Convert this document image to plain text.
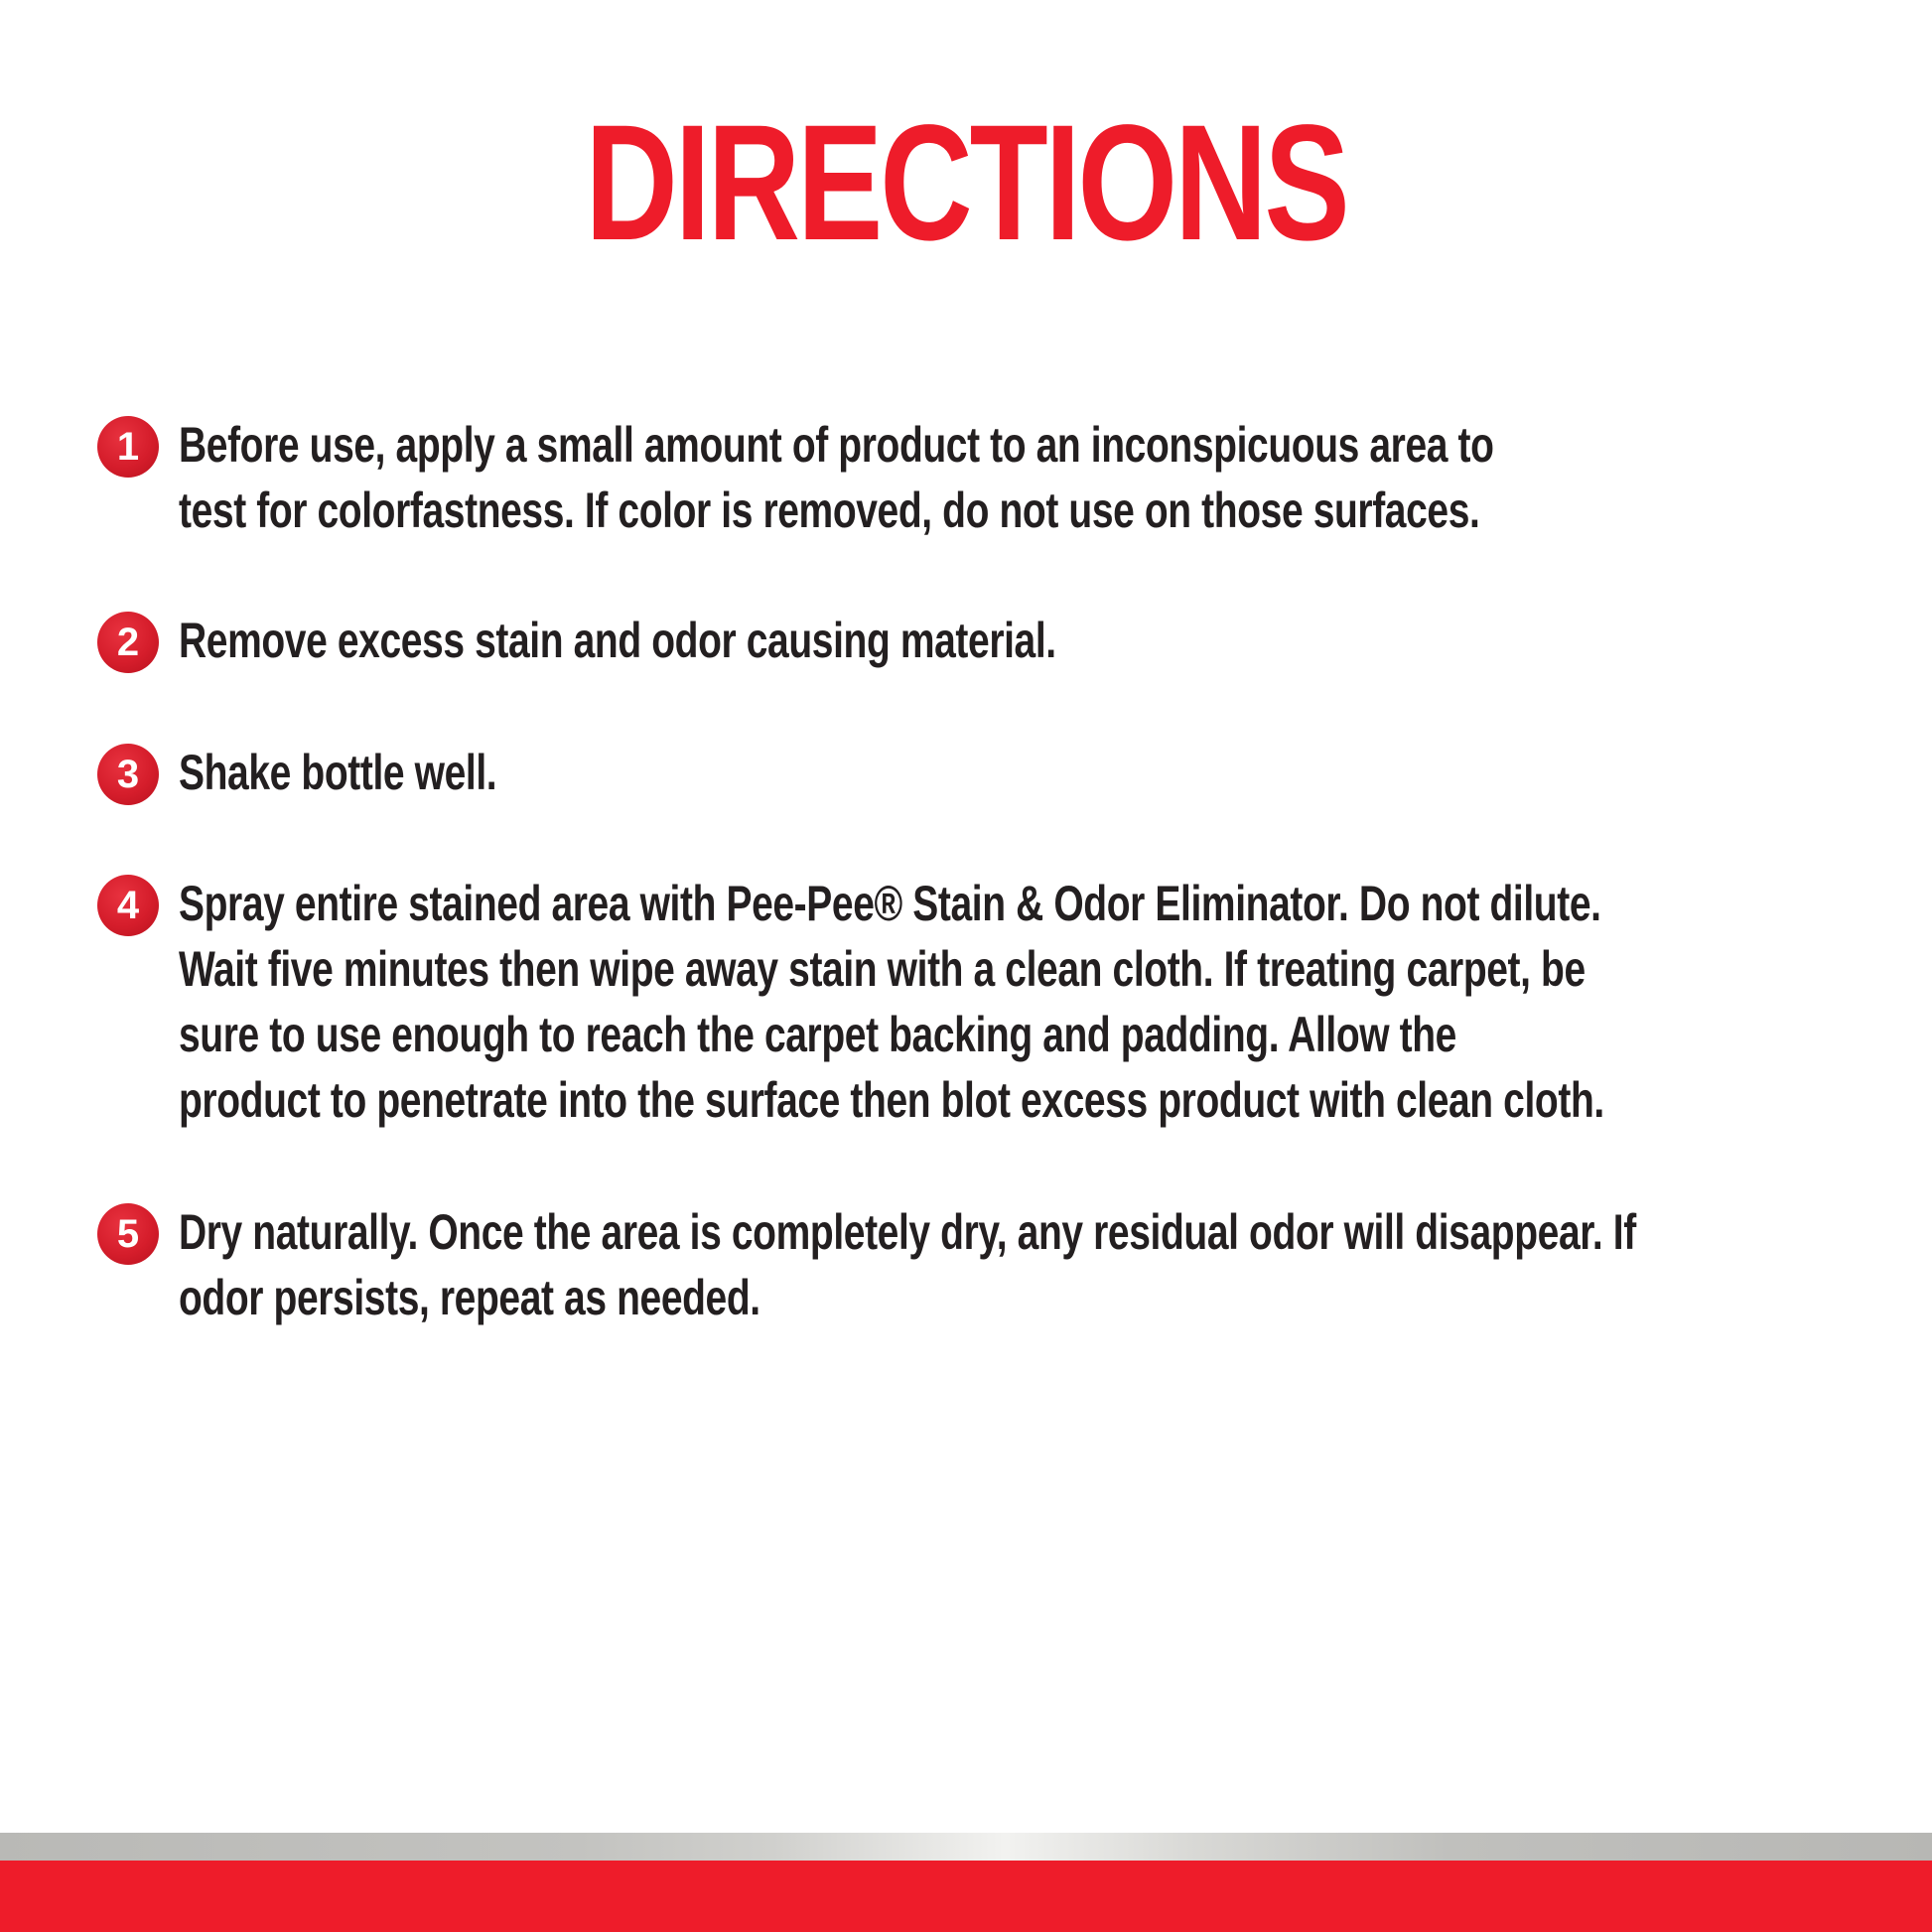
DIRECTIONS
1 Before use, apply a small amount of product to an inconspicuous area to
test for colorfastness. If color is removed, do not use on those surfaces.

2 Remove excess stain and odor causing material.

3 Shake bottle well.

4 Spray entire stained area with Pee-Pee® Stain & Odor Eliminator. Do not dilute.
Wait five minutes then wipe away stain with a clean cloth. If treating carpet, be
sure to use enough to reach the carpet backing and padding. Allow the
product to penetrate into the surface then blot excess product with clean cloth.

5 Dry naturally. Once the area is completely dry, any residual odor will disappear. If
odor persists, repeat as needed.
